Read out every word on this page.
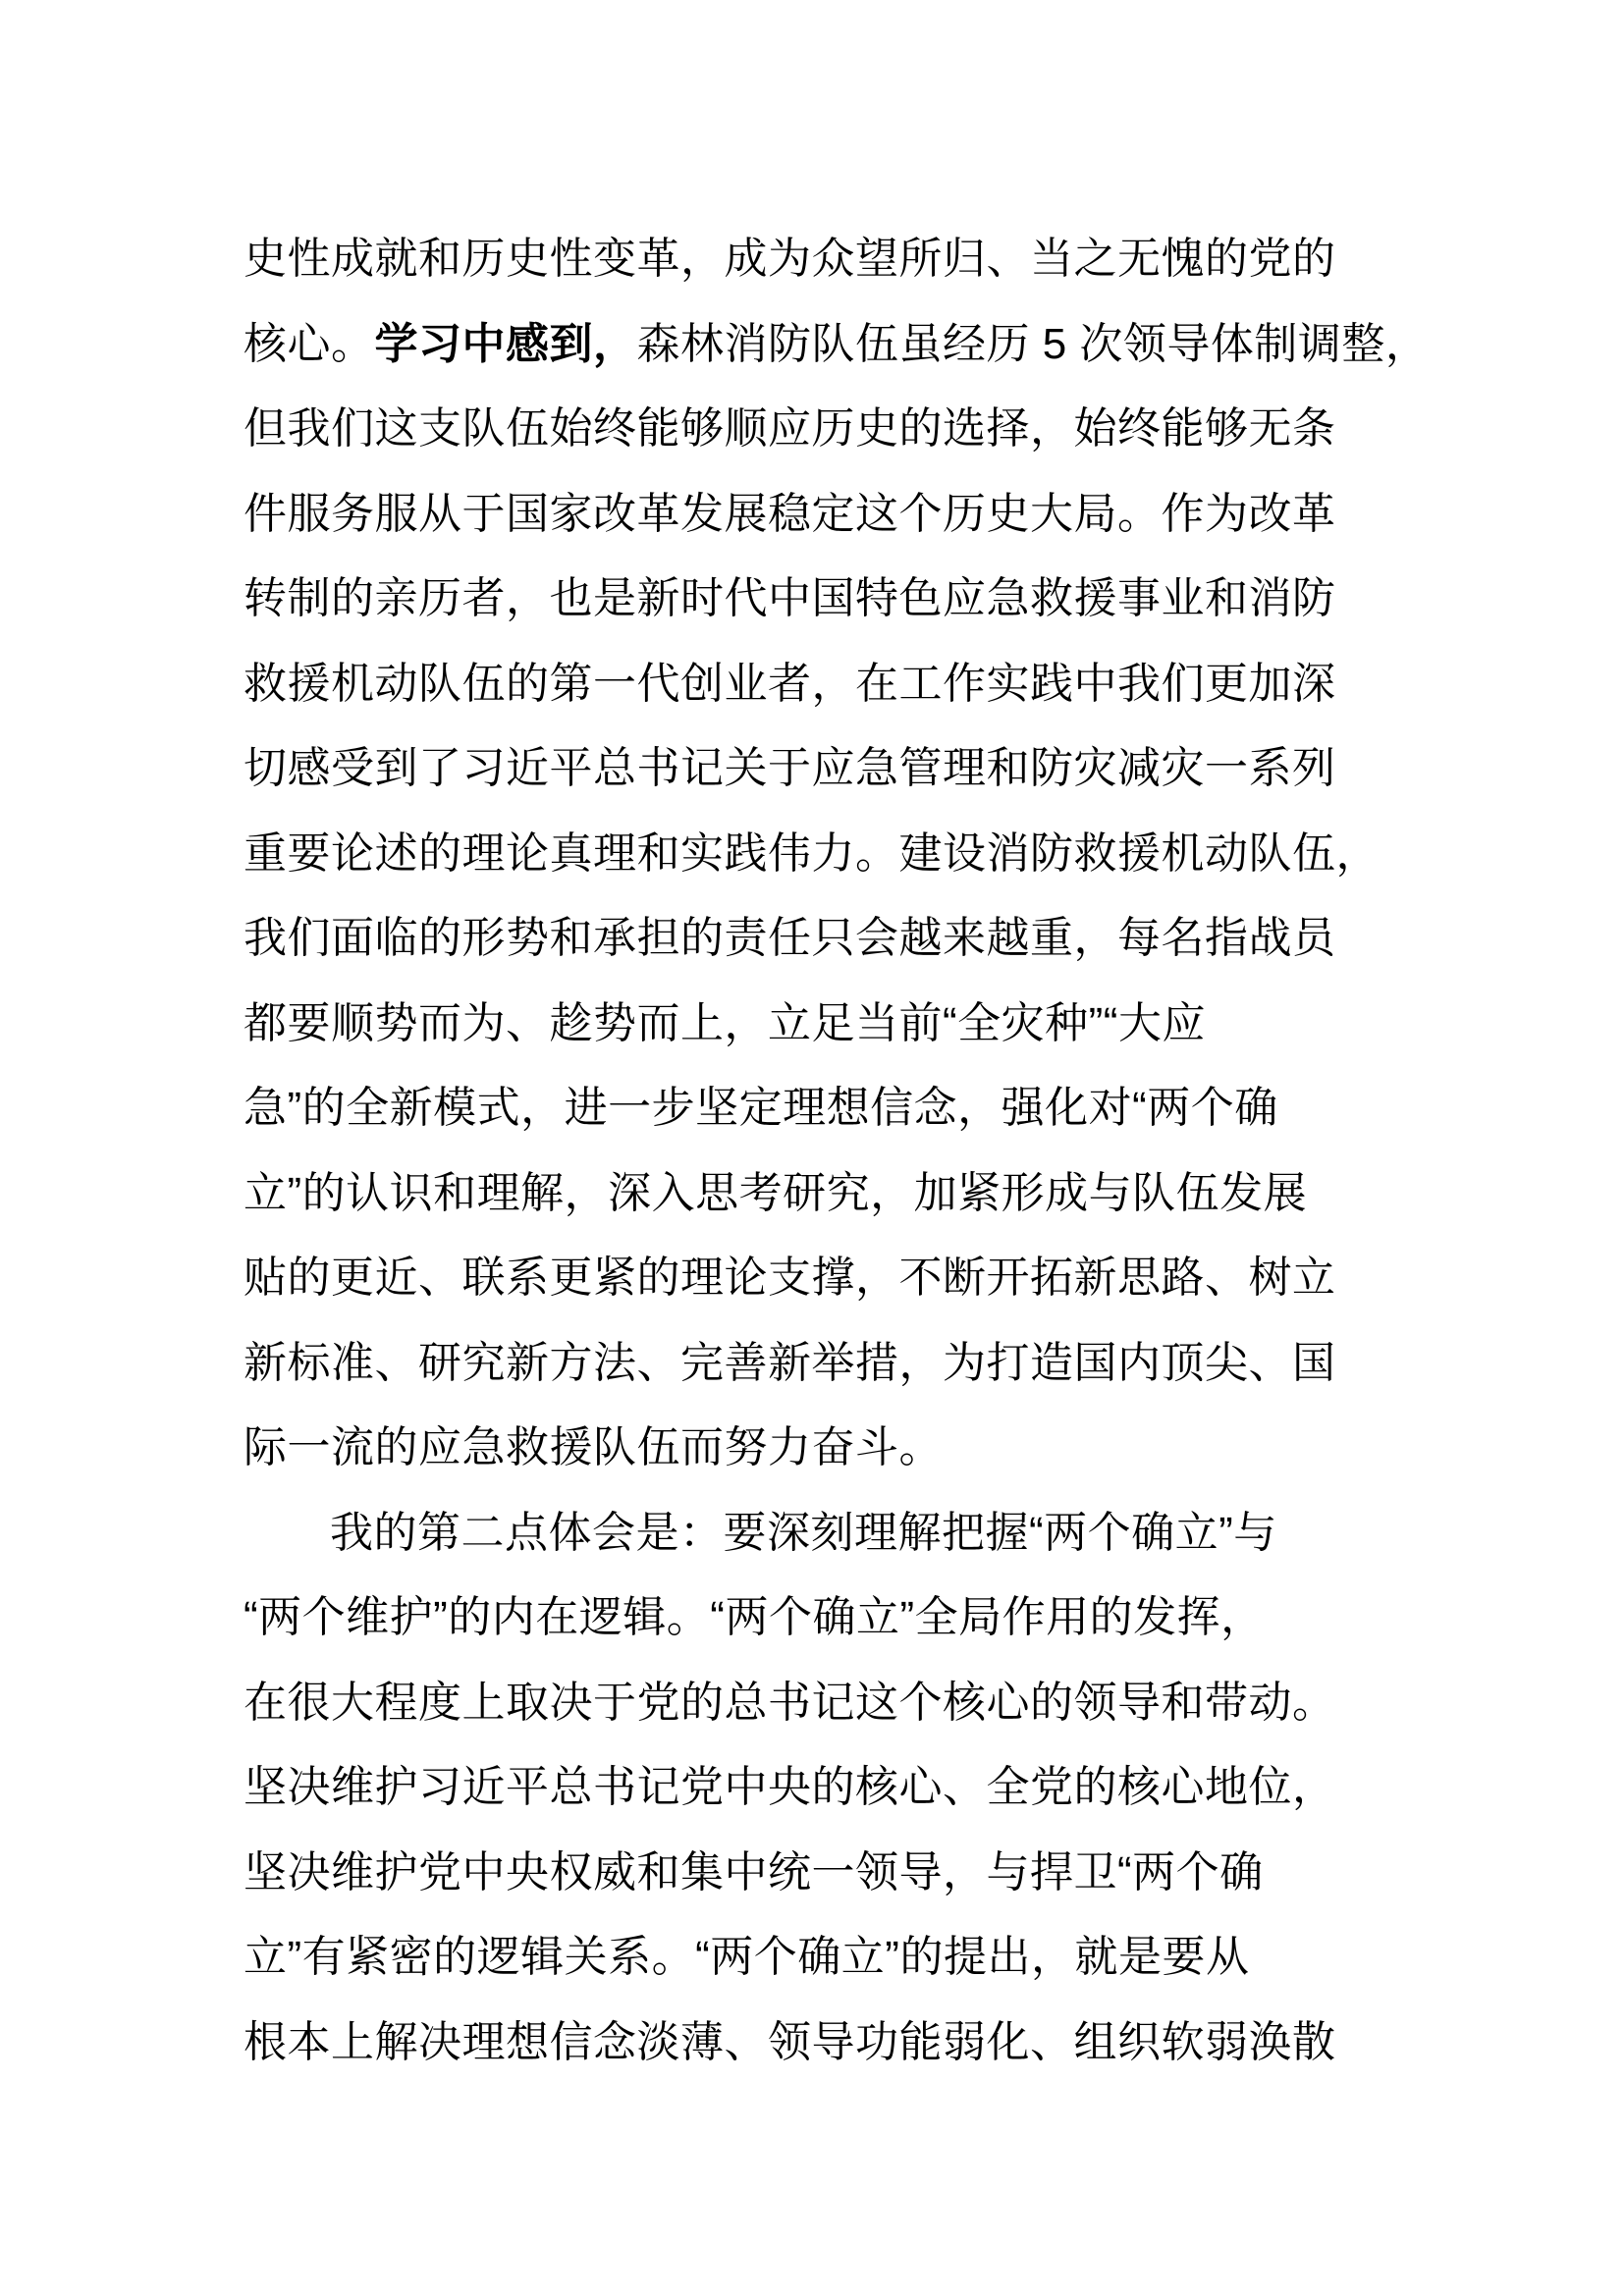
史性成就和历史性变革，成为众望所归、当之无愧的党的
核心。学习中感到，森林消防队伍虽经历 5 次领导体制调整，
但我们这支队伍始终能够顺应历史的选择，始终能够无条
件服务服从于国家改革发展稳定这个历史大局。作为改革
转制的亲历者，也是新时代中国特色应急救援事业和消防
救援机动队伍的第一代创业者，在工作实践中我们更加深
切感受到了习近平总书记关于应急管理和防灾减灾一系列
重要论述的理论真理和实践伟力。建设消防救援机动队伍，
我们面临的形势和承担的责任只会越来越重，每名指战员
都要顺势而为、趁势而上，立足当前“全灾种”“大应
急”的全新模式，进一步坚定理想信念，强化对“两个确
立”的认识和理解，深入思考研究，加紧形成与队伍发展
贴的更近、联系更紧的理论支撑，不断开拓新思路、树立
新标准、研究新方法、完善新举措，为打造国内顶尖、国
际一流的应急救援队伍而努力奋斗。
我的第二点体会是：要深刻理解把握“两个确立”与
“两个维护”的内在逻辑。“两个确立”全局作用的发挥，
在很大程度上取决于党的总书记这个核心的领导和带动。
坚决维护习近平总书记党中央的核心、全党的核心地位，
坚决维护党中央权威和集中统一领导，与捍卫“两个确
立”有紧密的逻辑关系。“两个确立”的提出，就是要从
根本上解决理想信念淡薄、领导功能弱化、组织软弱涣散
